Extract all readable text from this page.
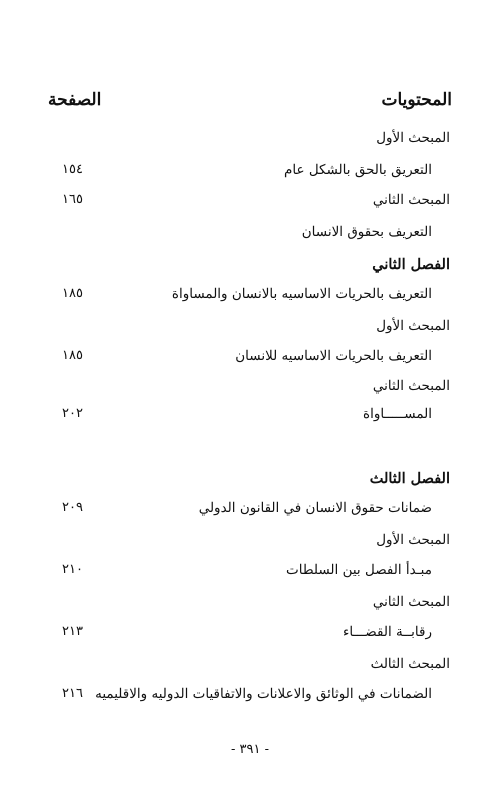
المحتويات
الصفحة
المبحث الأول
التعريق بالحق بالشكل عام
١٥٤
المبحث الثاني
١٦٥
التعريف بحقوق الانسان
الفصل الثاني
التعريف بالحريات الاساسيه بالانسان والمساواة
١٨٥
المبحث الأول
التعريف بالحريات الاساسيه للانسان
١٨٥
المبحث الثاني
المســـــاواة
٢٠٢
الفصل الثالث
ضمانات حقوق الانسان في القانون الدولي
٢٠٩
المبحث الأول
مبـدأ الفصل بين السلطات
٢١٠
المبحث الثاني
رقابــة القضـــاء
٢١٣
المبحث الثالث
الضمانات في الوثائق والاعلانات والاتفاقيات الدوليه والاقليميه
٢١٦
- ٣٩١ -
